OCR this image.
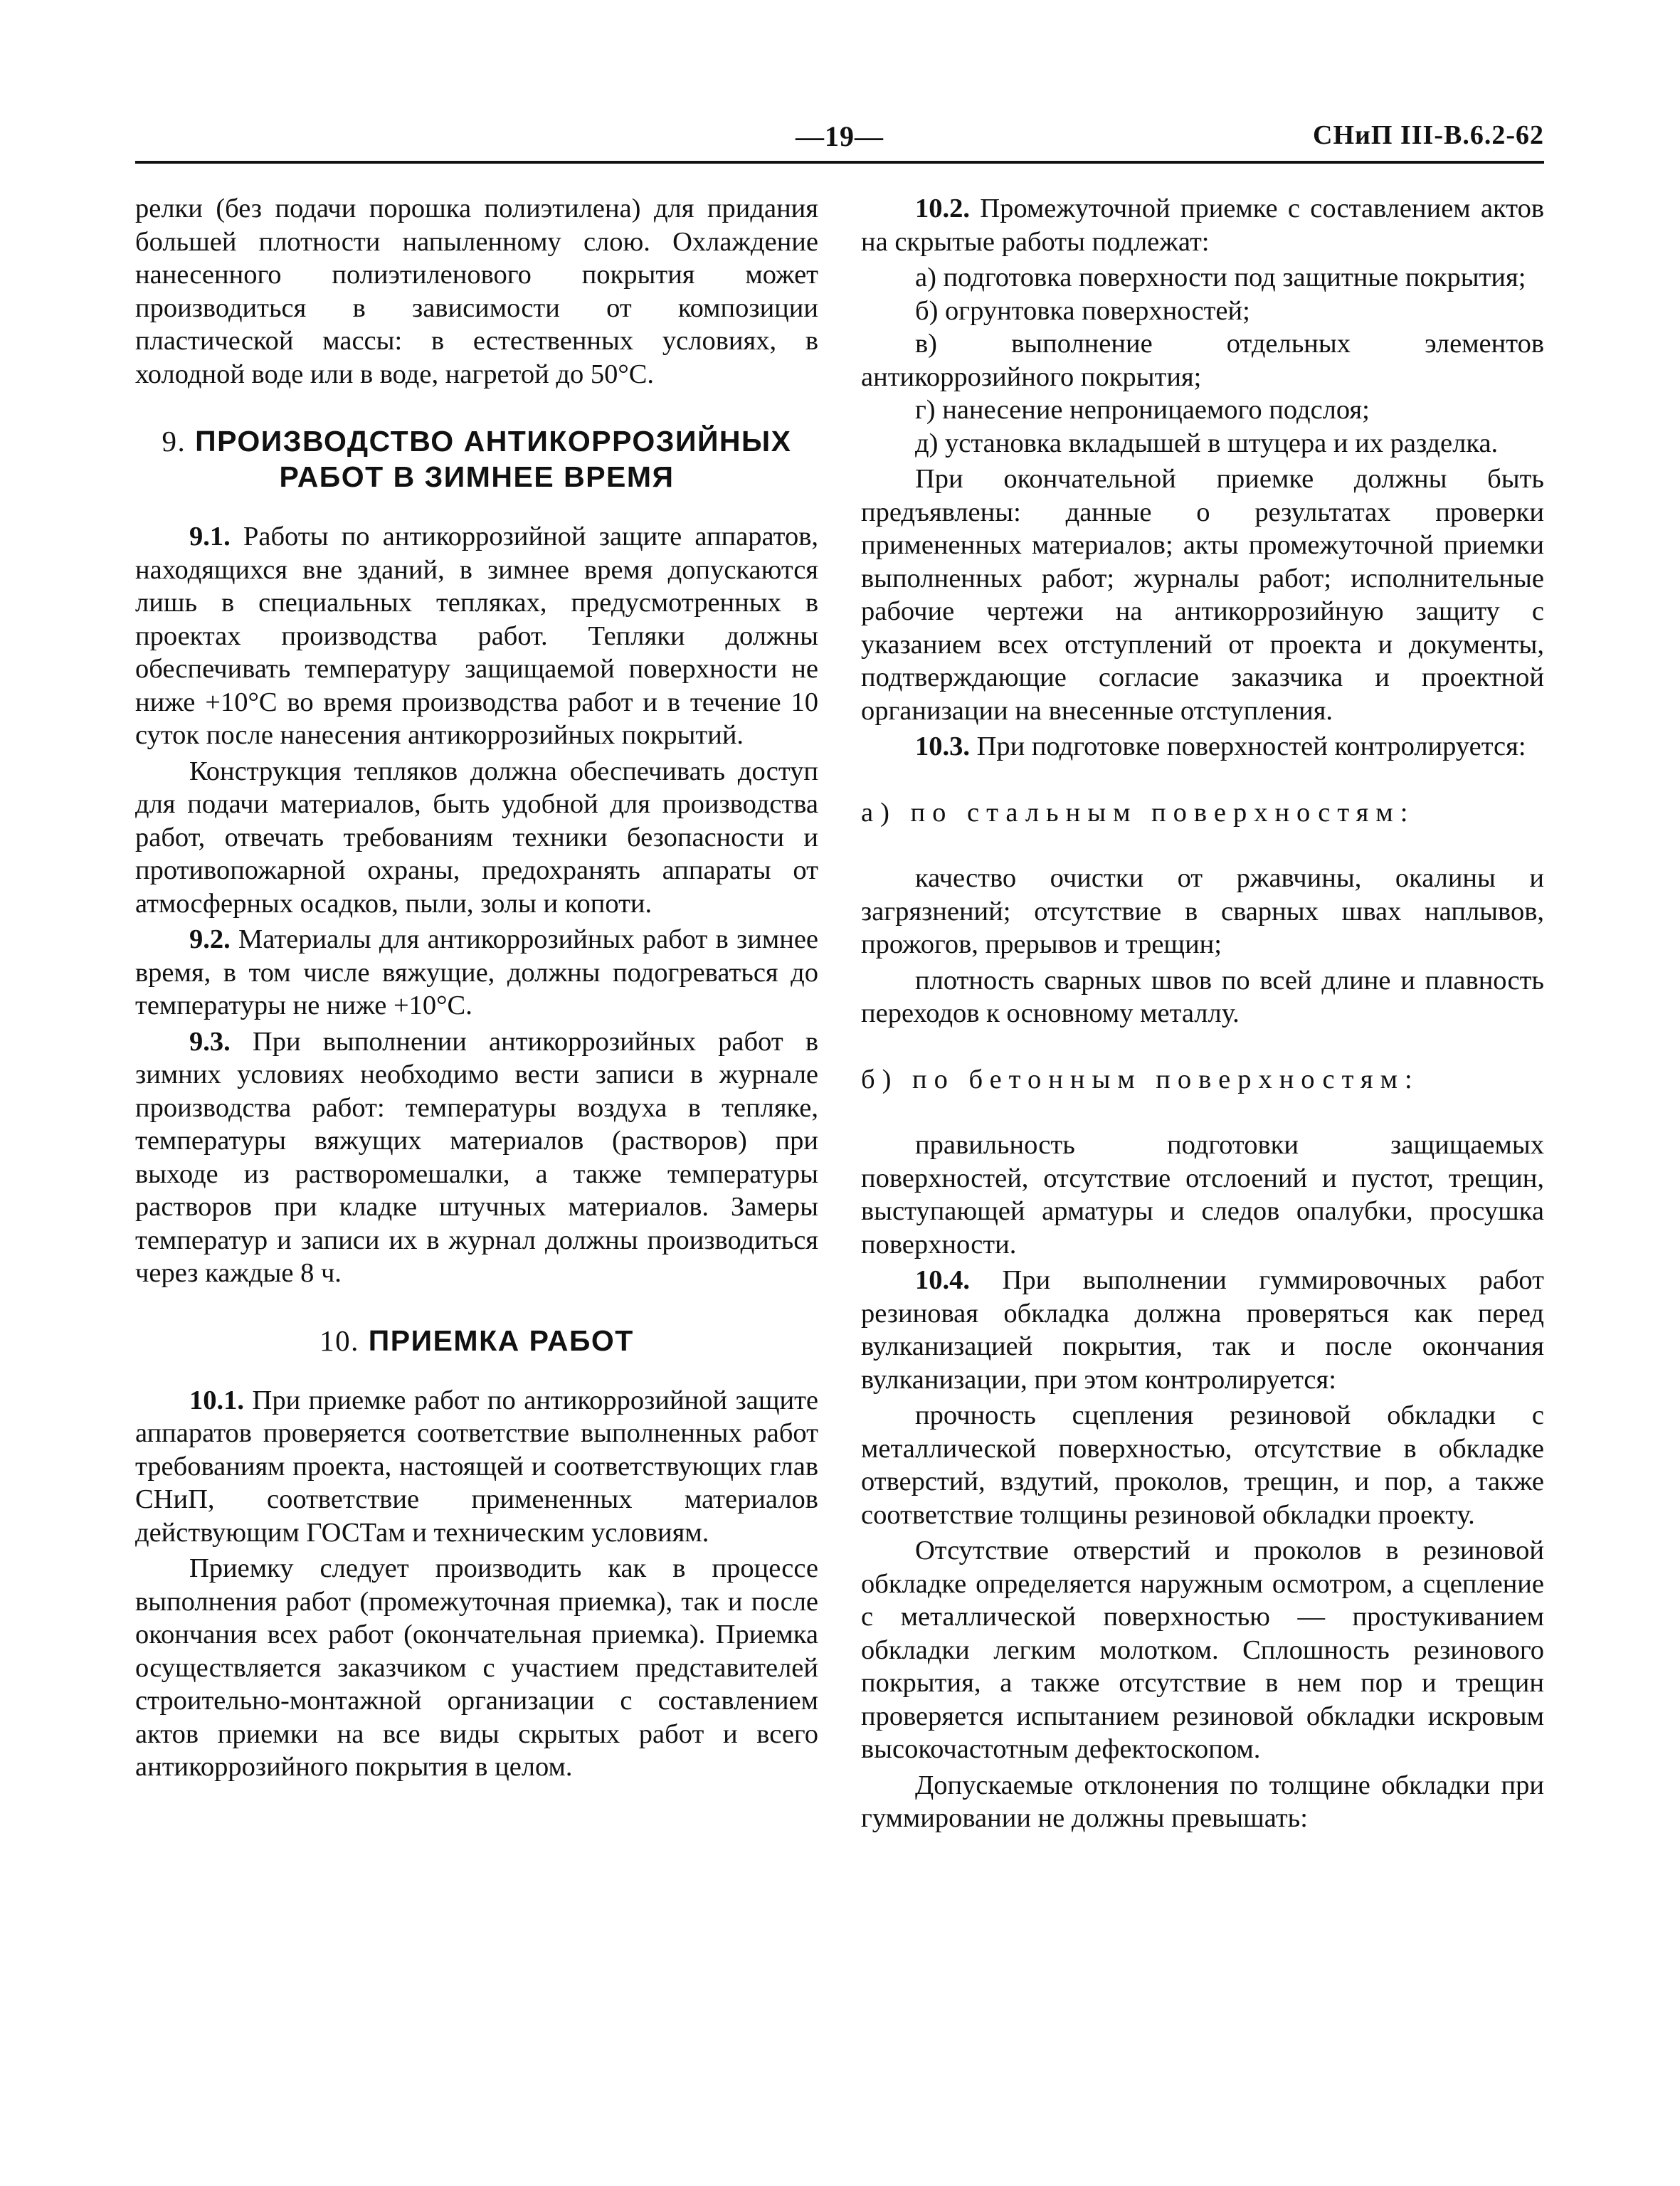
—19—	СНиП III-В.6.2-62

релки (без подачи порошка полиэтилена) для придания большей плотности напыленному слою. Охлаждение нанесенного полиэтиленового покрытия может производиться в зависимости от композиции пластической массы: в естественных условиях, в холодной воде или в воде, нагретой до 50°С.

9. ПРОИЗВОДСТВО АНТИКОРРОЗИЙНЫХ РАБОТ В ЗИМНЕЕ ВРЕМЯ

9.1. Работы по антикоррозийной защите аппаратов, находящихся вне зданий, в зимнее время допускаются лишь в специальных тепляках, предусмотренных в проектах производства работ. Тепляки должны обеспечивать температуру защищаемой поверхности не ниже +10°С во время производства работ и в течение 10 суток после нанесения антикоррозийных покрытий.

Конструкция тепляков должна обеспечивать доступ для подачи материалов, быть удобной для производства работ, отвечать требованиям техники безопасности и противопожарной охраны, предохранять аппараты от атмосферных осадков, пыли, золы и копоти.

9.2. Материалы для антикоррозийных работ в зимнее время, в том числе вяжущие, должны подогреваться до температуры не ниже +10°С.

9.3. При выполнении антикоррозийных работ в зимних условиях необходимо вести записи в журнале производства работ: температуры воздуха в тепляке, температуры вяжущих материалов (растворов) при выходе из растворомешалки, а также температуры растворов при кладке штучных материалов. Замеры температур и записи их в журнал должны производиться через каждые 8 ч.

10. ПРИЕМКА РАБОТ

10.1. При приемке работ по антикоррозийной защите аппаратов проверяется соответствие выполненных работ требованиям проекта, настоящей и соответствующих глав СНиП, соответствие примененных материалов действующим ГОСТам и техническим условиям.

Приемку следует производить как в процессе выполнения работ (промежуточная приемка), так и после окончания всех работ (окончательная приемка). Приемка осуществляется заказчиком с участием представителей строительно-монтажной организации с составлением актов приемки на все виды скрытых работ и всего антикоррозийного покрытия в целом.

10.2. Промежуточной приемке с составлением актов на скрытые работы подлежат:

а) подготовка поверхности под защитные покрытия;

б) огрунтовка поверхностей;

в) выполнение отдельных элементов антикоррозийного покрытия;

г) нанесение непроницаемого подслоя;

д) установка вкладышей в штуцера и их разделка.

При окончательной приемке должны быть предъявлены: данные о результатах проверки примененных материалов; акты промежуточной приемки выполненных работ; журналы работ; исполнительные рабочие чертежи на антикоррозийную защиту с указанием всех отступлений от проекта и документы, подтверждающие согласие заказчика и проектной организации на внесенные отступления.

10.3. При подготовке поверхностей контролируется:

а) по стальным поверхностям:

качество очистки от ржавчины, окалины и загрязнений; отсутствие в сварных швах наплывов, прожогов, прерывов и трещин;

плотность сварных швов по всей длине и плавность переходов к основному металлу.

б) по бетонным поверхностям:

правильность подготовки защищаемых поверхностей, отсутствие отслоений и пустот, трещин, выступающей арматуры и следов опалубки, просушка поверхности.

10.4. При выполнении гуммировочных работ резиновая обкладка должна проверяться как перед вулканизацией покрытия, так и после окончания вулканизации, при этом контролируется:

прочность сцепления резиновой обкладки с металлической поверхностью, отсутствие в обкладке отверстий, вздутий, проколов, трещин, и пор, а также соответствие толщины резиновой обкладки проекту.

Отсутствие отверстий и проколов в резиновой обкладке определяется наружным осмотром, а сцепление с металлической поверхностью — простукиванием обкладки легким молотком. Сплошность резинового покрытия, а также отсутствие в нем пор и трещин проверяется испытанием резиновой обкладки искровым высокочастотным дефектоскопом.

Допускаемые отклонения по толщине обкладки при гуммировании не должны превышать:
